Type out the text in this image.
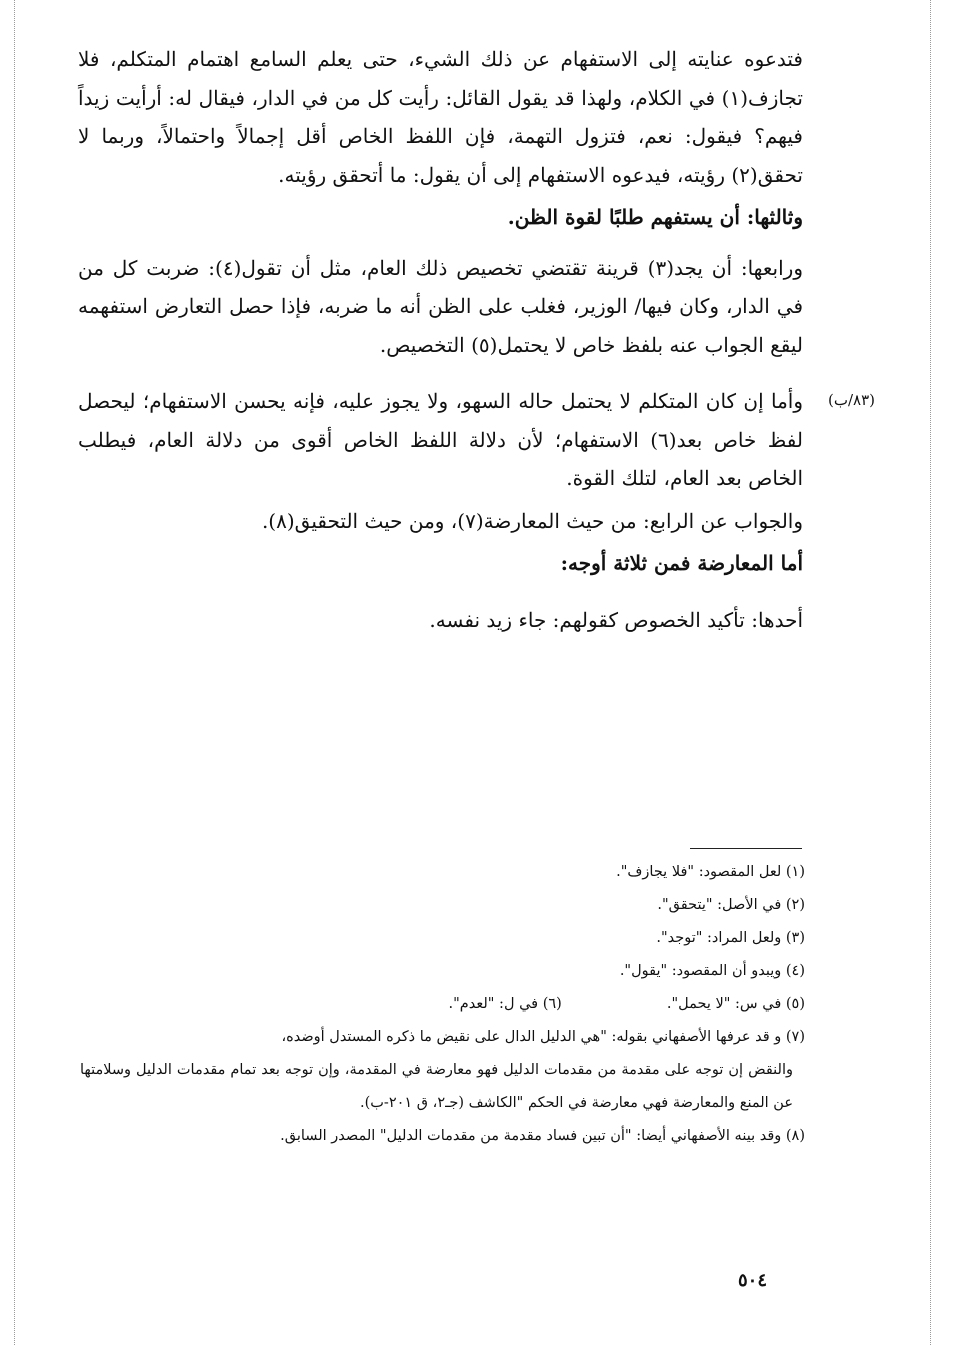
فتدعوه عنايته إلى الاستفهام عن ذلك الشيء، حتى يعلم السامع اهتمام المتكلم، فلا تجازف(١) في الكلام، ولهذا قد يقول القائل: رأيت كل من في الدار، فيقال له: أرأيت زيداً فيهم؟ فيقول: نعم، فتزول التهمة، فإن اللفظ الخاص أقل إجمالاً واحتمالاً، وربما لا تحقق(٢) رؤيته، فيدعوه الاستفهام إلى أن يقول: ما أتحقق رؤيته.

وثالثها: أن يستفهم طلبًا لقوة الظن.

ورابعها: أن يجد(٣) قرينة تقتضي تخصيص ذلك العام، مثل أن تقول(٤): ضربت كل من في الدار، وكان فيها/ الوزير، فغلب على الظن أنه ما ضربه، فإذا حصل التعارض استفهمه ليقع الجواب عنه بلفظ خاص لا يحتمل(٥) التخصيص.

وأما إن كان المتكلم لا يحتمل حاله السهو، ولا يجوز عليه، فإنه يحسن الاستفهام؛ ليحصل لفظ خاص بعد(٦) الاستفهام؛ لأن دلالة اللفظ الخاص أقوى من دلالة العام، فيطلب الخاص بعد العام، لتلك القوة.

والجواب عن الرابع: من حيث المعارضة(٧)، ومن حيث التحقيق(٨).

أما المعارضة فمن ثلاثة أوجه:

أحدها: تأكيد الخصوص كقولهم: جاء زيد نفسه.

(٨٣/ب)

(١) لعل المقصود: "فلا يجازف".

(٢) في الأصل: "يتحقق".

(٣) ولعل المراد: "توجد".

(٤) ويبدو أن المقصود: "يقول".

(٥) في س: "لا يحمل".

(٦) في ل: "لعدم".

(٧) و قد عرفها الأصفهاني بقوله: "هي الدليل الدال على نقيض ما ذكره المستدل أوضده،

والنقض إن توجه على مقدمة من مقدمات الدليل فهو معارضة في المقدمة، وإن توجه بعد تمام مقدمات الدليل وسلامتها عن المنع والمعارضة فهي معارضة في الحكم "الكاشف (جـ٢، ق ٢٠١-ب).

(٨) وقد بينه الأصفهاني أيضا: "أن تبين فساد مقدمة من مقدمات الدليل" المصدر السابق.

٥٠٤
